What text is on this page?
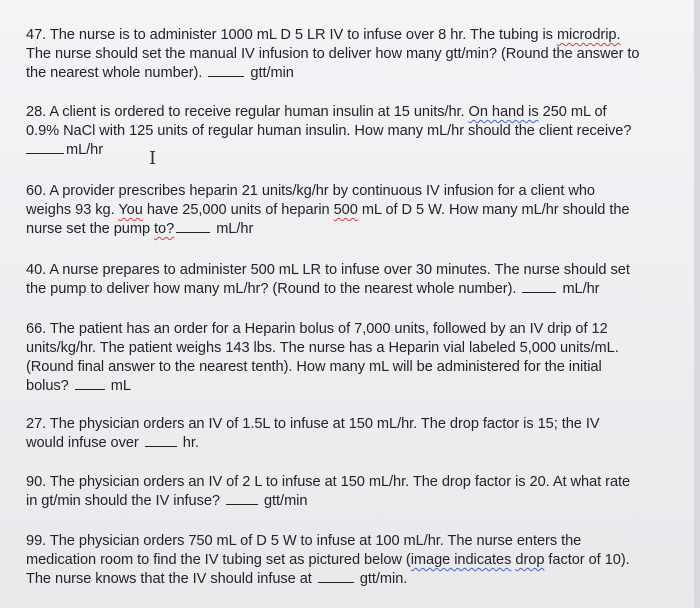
47. The nurse is to administer 1000 mL D 5 LR IV to infuse over 8 hr. The tubing is microdrip.
The nurse should set the manual IV infusion to deliver how many gtt/min? (Round the answer to
the nearest whole number).	gtt/min
28. A client is ordered to receive regular human insulin at 15 units/hr. On hand is 250 mL of
0.9% NaCl with 125 units of regular human insulin. How many mL/hr should the client receive?
mL/hr	I
60. A provider prescribes heparin 21 units/kg/hr by continuous IV infusion for a client who
weighs 93 kg. You have 25,000 units of heparin 500 mL of D 5 W. How many mL/hr should the
nurse set the pump to?	mL/hr
40. A nurse prepares to administer 500 mL LR to infuse over 30 minutes. The nurse should set
the pump to deliver how many mL/hr? (Round to the nearest whole number).	mL/hr
66. The patient has an order for a Heparin bolus of 7,000 units, followed by an IV drip of 12
units/kg/hr. The patient weighs 143 lbs. The nurse has a Heparin vial labeled 5,000 units/mL.
(Round final answer to the nearest tenth). How many mL will be administered for the initial
bolus?	mL
27. The physician orders an IV of 1.5L to infuse at 150 mL/hr. The drop factor is 15; the IV
would infuse over	hr.
90. The physician orders an IV of 2 L to infuse at 150 mL/hr. The drop factor is 20. At what rate
in gt/min should the IV infuse?	gtt/min
99. The physician orders 750 mL of D 5 W to infuse at 100 mL/hr. The nurse enters the
medication room to find the IV tubing set as pictured below (image indicates drop factor of 10).
The nurse knows that the IV should infuse at	gtt/min.
